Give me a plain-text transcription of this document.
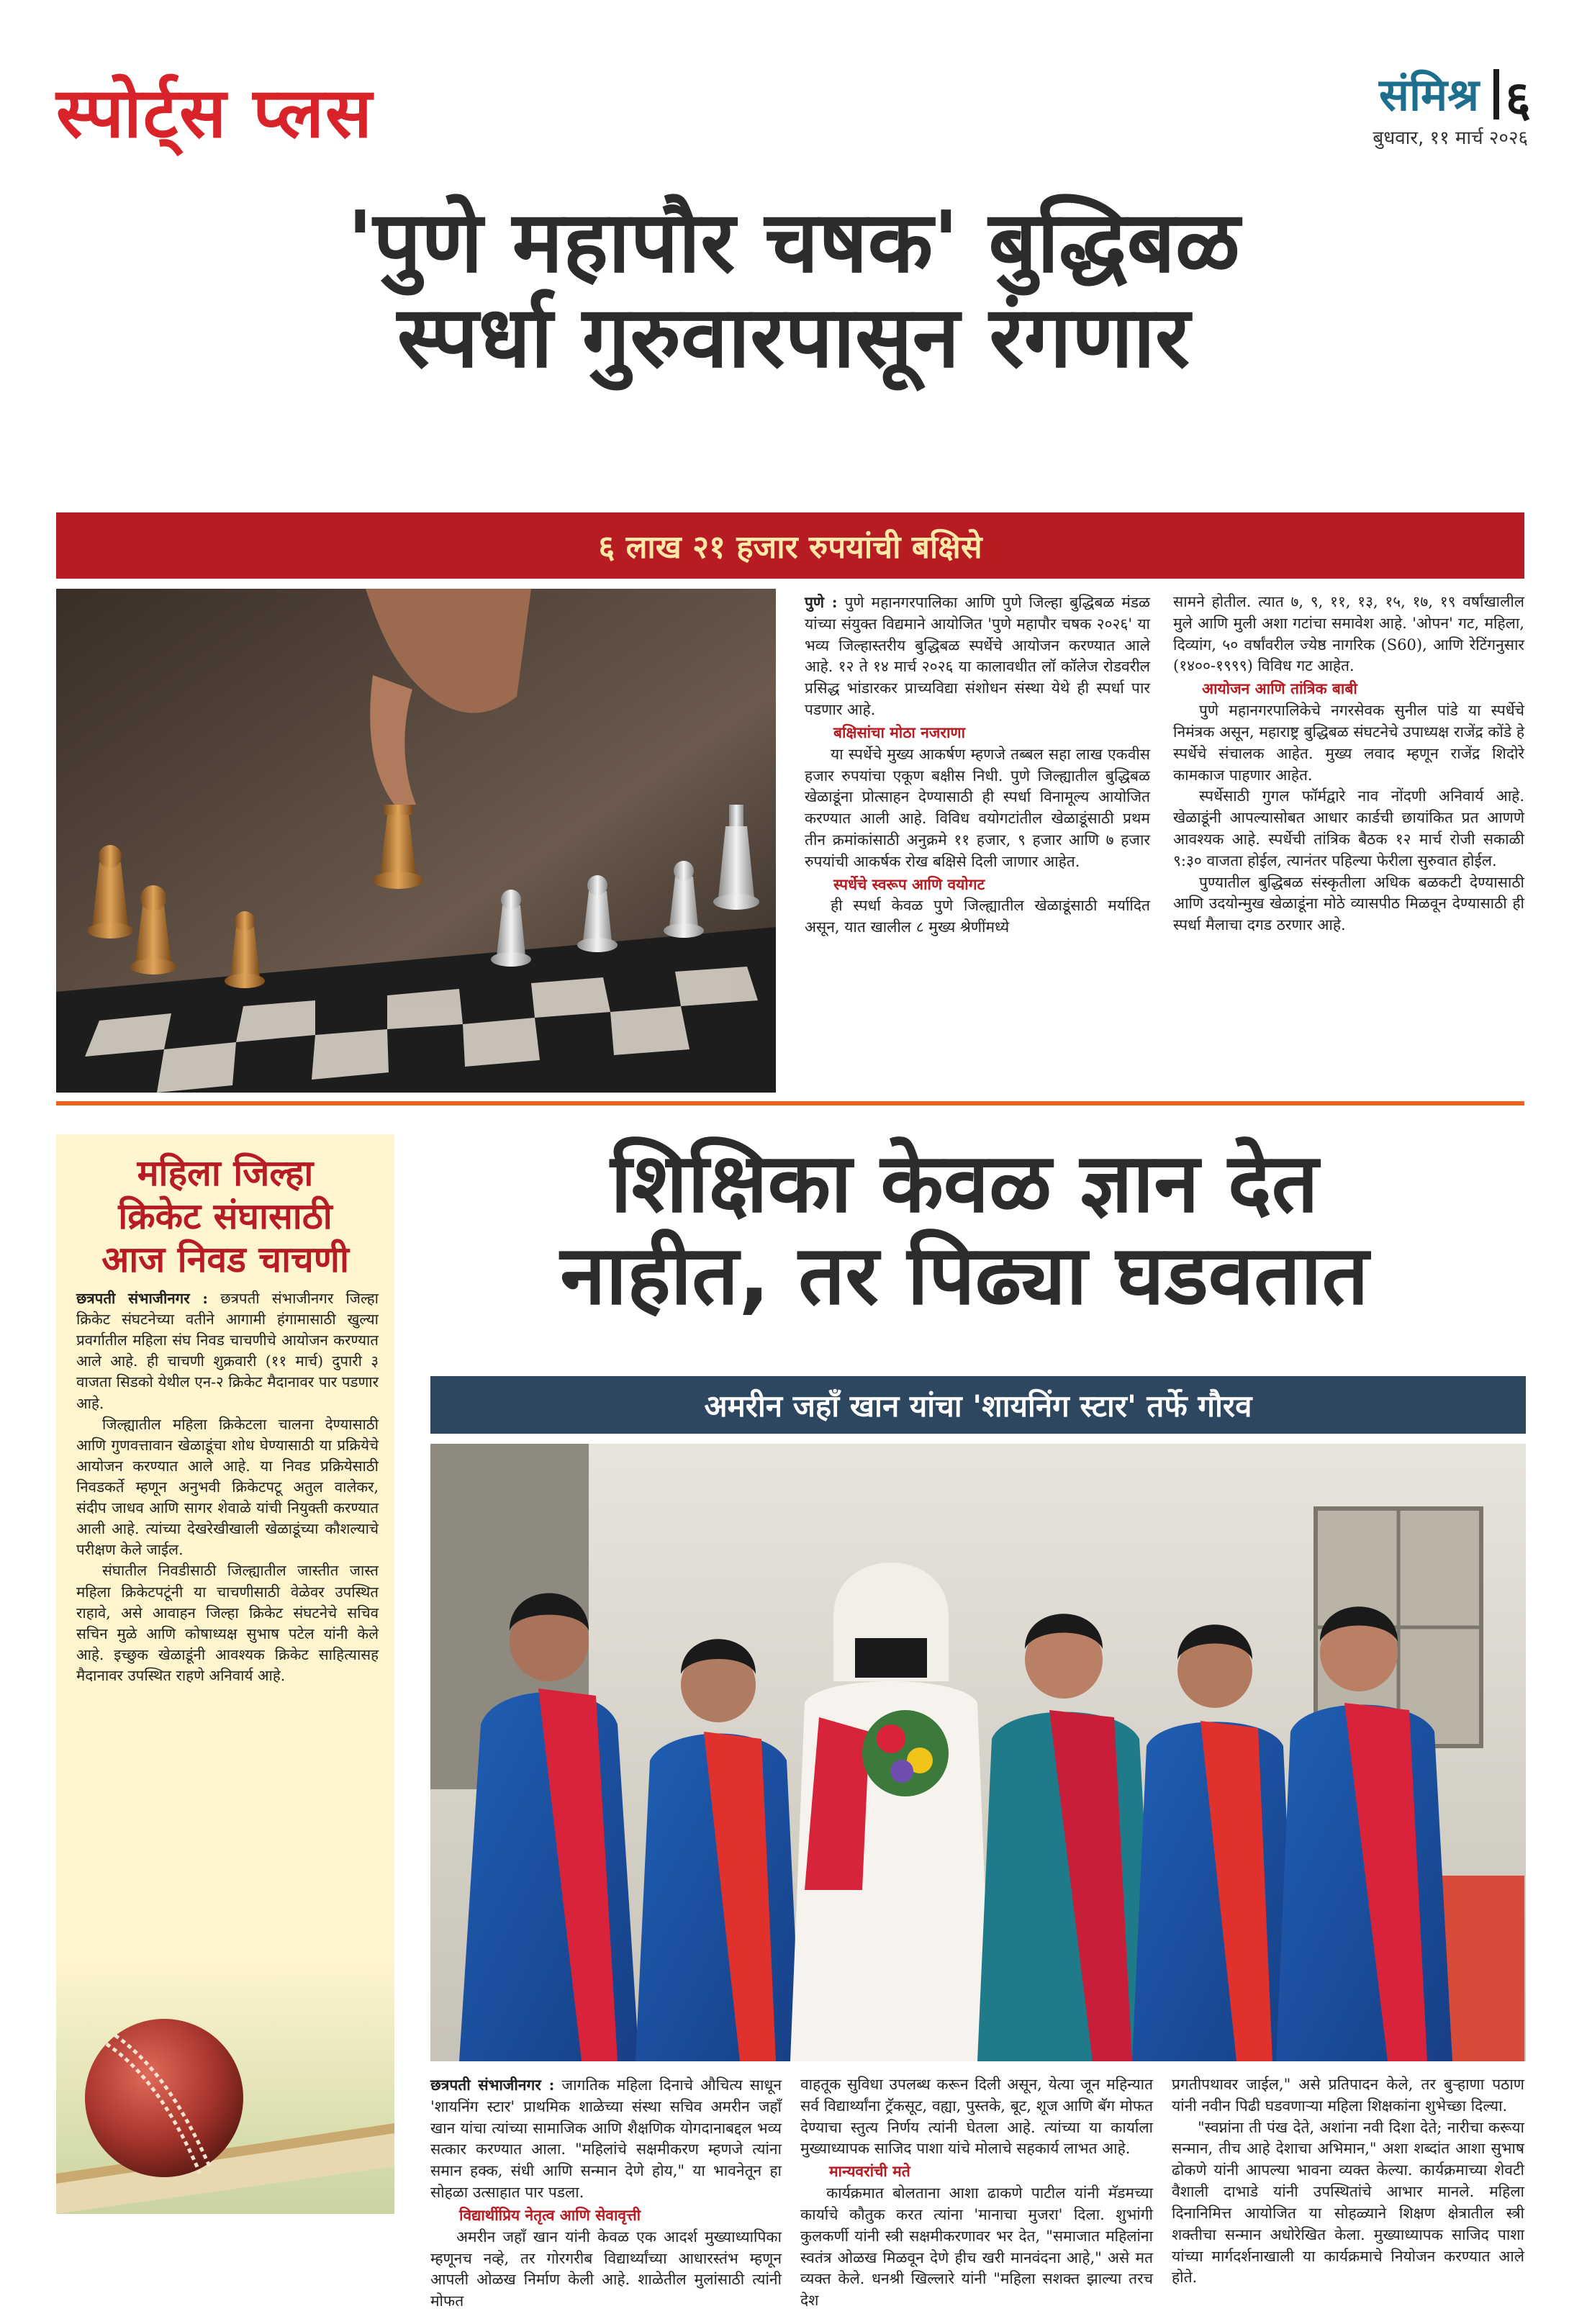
स्पोर्ट्स प्लस	संमिश्र ६
बुधवार, ११ मार्च २०२६
'पुणे महापौर चषक' बुद्धिबळ
स्पर्धा गुरुवारपासून रंगणार
६ लाख २१ हजार रुपयांची बक्षिसे

पुणे : पुणे महानगरपालिका आणि पुणे जिल्हा बुद्धिबळ मंडळ यांच्या संयुक्त विद्यमाने आयोजित 'पुणे महापौर चषक २०२६' या भव्य जिल्हास्तरीय बुद्धिबळ स्पर्धेचे आयोजन करण्यात आले आहे. १२ ते १४ मार्च २०२६ या कालावधीत लॉ कॉलेज रोडवरील प्रसिद्ध भांडारकर प्राच्यविद्या संशोधन संस्था येथे ही स्पर्धा पार पडणार आहे.

बक्षिसांचा मोठा नजराणा

या स्पर्धेचे मुख्य आकर्षण म्हणजे तब्बल सहा लाख एकवीस हजार रुपयांचा एकूण बक्षीस निधी. पुणे जिल्ह्यातील बुद्धिबळ खेळाडूंना प्रोत्साहन देण्यासाठी ही स्पर्धा विनामूल्य आयोजित करण्यात आली आहे. विविध वयोगटांतील खेळाडूंसाठी प्रथम तीन क्रमांकांसाठी अनुक्रमे ११ हजार, ९ हजार आणि ७ हजार रुपयांची आकर्षक रोख बक्षिसे दिली जाणार आहेत.

स्पर्धेचे स्वरूप आणि वयोगट

ही स्पर्धा केवळ पुणे जिल्ह्यातील खेळाडूंसाठी मर्यादित असून, यात खालील ८ मुख्य श्रेणींमध्ये

सामने होतील. त्यात ७, ९, ११, १३, १५, १७, १९ वर्षांखालील मुले आणि मुली अशा गटांचा समावेश आहे. 'ओपन' गट, महिला, दिव्यांग, ५० वर्षांवरील ज्येष्ठ नागरिक (S60), आणि रेटिंगनुसार (१४००-१९९९) विविध गट आहेत.

आयोजन आणि तांत्रिक बाबी

पुणे महानगरपालिकेचे नगरसेवक सुनील पांडे या स्पर्धेचे निमंत्रक असून, महाराष्ट्र बुद्धिबळ संघटनेचे उपाध्यक्ष राजेंद्र कोंडे हे स्पर्धेचे संचालक आहेत. मुख्य लवाद म्हणून राजेंद्र शिदोरे कामकाज पाहणार आहेत.

स्पर्धेसाठी गुगल फॉर्मद्वारे नाव नोंदणी अनिवार्य आहे. खेळाडूंनी आपल्यासोबत आधार कार्डची छायांकित प्रत आणणे आवश्यक आहे. स्पर्धेची तांत्रिक बैठक १२ मार्च रोजी सकाळी ९:३० वाजता होईल, त्यानंतर पहिल्या फेरीला सुरुवात होईल.

पुण्यातील बुद्धिबळ संस्कृतीला अधिक बळकटी देण्यासाठी आणि उदयोन्मुख खेळाडूंना मोठे व्यासपीठ मिळवून देण्यासाठी ही स्पर्धा मैलाचा दगड ठरणार आहे.

महिला जिल्हा
क्रिकेट संघासाठी
आज निवड चाचणी

छत्रपती संभाजीनगर : छत्रपती संभाजीनगर जिल्हा क्रिकेट संघटनेच्या वतीने आगामी हंगामासाठी खुल्या प्रवर्गातील महिला संघ निवड चाचणीचे आयोजन करण्यात आले आहे. ही चाचणी शुक्रवारी (११ मार्च) दुपारी ३ वाजता सिडको येथील एन-२ क्रिकेट मैदानावर पार पडणार आहे.

जिल्ह्यातील महिला क्रिकेटला चालना देण्यासाठी आणि गुणवत्तावान खेळाडूंचा शोध घेण्यासाठी या प्रक्रियेचे आयोजन करण्यात आले आहे. या निवड प्रक्रियेसाठी निवडकर्ते म्हणून अनुभवी क्रिकेटपटू अतुल वालेकर, संदीप जाधव आणि सागर शेवाळे यांची नियुक्ती करण्यात आली आहे. त्यांच्या देखरेखीखाली खेळाडूंच्या कौशल्याचे परीक्षण केले जाईल.

संघातील निवडीसाठी जिल्ह्यातील जास्तीत जास्त महिला क्रिकेटपटूंनी या चाचणीसाठी वेळेवर उपस्थित राहावे, असे आवाहन जिल्हा क्रिकेट संघटनेचे सचिव सचिन मुळे आणि कोषाध्यक्ष सुभाष पटेल यांनी केले आहे. इच्छुक खेळाडूंनी आवश्यक क्रिकेट साहित्यासह मैदानावर उपस्थित राहणे अनिवार्य आहे.

शिक्षिका केवळ ज्ञान देत
नाहीत, तर पिढ्या घडवतात
अमरीन जहाँ खान यांचा 'शायनिंग स्टार' तर्फे गौरव

छत्रपती संभाजीनगर : जागतिक महिला दिनाचे औचित्य साधून 'शायनिंग स्टार' प्राथमिक शाळेच्या संस्था सचिव अमरीन जहाँ खान यांचा त्यांच्या सामाजिक आणि शैक्षणिक योगदानाबद्दल भव्य सत्कार करण्यात आला. "महिलांचे सक्षमीकरण म्हणजे त्यांना समान हक्क, संधी आणि सन्मान देणे होय," या भावनेतून हा सोहळा उत्साहात पार पडला.

विद्यार्थीप्रिय नेतृत्व आणि सेवावृत्ती

अमरीन जहाँ खान यांनी केवळ एक आदर्श मुख्याध्यापिका म्हणूनच नव्हे, तर गोरगरीब विद्यार्थ्यांच्या आधारस्तंभ म्हणून आपली ओळख निर्माण केली आहे. शाळेतील मुलांसाठी त्यांनी मोफत

वाहतूक सुविधा उपलब्ध करून दिली असून, येत्या जून महिन्यात सर्व विद्यार्थ्यांना ट्रॅकसूट, वह्या, पुस्तके, बूट, शूज आणि बॅग मोफत देण्याचा स्तुत्य निर्णय त्यांनी घेतला आहे. त्यांच्या या कार्याला मुख्याध्यापक साजिद पाशा यांचे मोलाचे सहकार्य लाभत आहे.

मान्यवरांची मते

कार्यक्रमात बोलताना आशा ढाकणे पाटील यांनी मॅडमच्या कार्याचे कौतुक करत त्यांना 'मानाचा मुजरा' दिला. शुभांगी कुलकर्णी यांनी स्त्री सक्षमीकरणावर भर देत, "समाजात महिलांना स्वतंत्र ओळख मिळवून देणे हीच खरी मानवंदना आहे," असे मत व्यक्त केले. धनश्री खिल्लारे यांनी "महिला सशक्त झाल्या तरच देश

प्रगतीपथावर जाईल," असे प्रतिपादन केले, तर बुऱ्हाणा पठाण यांनी नवीन पिढी घडवणाऱ्या महिला शिक्षकांना शुभेच्छा दिल्या.

"स्वप्नांना ती पंख देते, अशांना नवी दिशा देते; नारीचा करूया सन्मान, तीच आहे देशाचा अभिमान," अशा शब्दांत आशा सुभाष ढोकणे यांनी आपल्या भावना व्यक्त केल्या. कार्यक्रमाच्या शेवटी वैशाली दाभाडे यांनी उपस्थितांचे आभार मानले. महिला दिनानिमित्त आयोजित या सोहळ्याने शिक्षण क्षेत्रातील स्त्री शक्तीचा सन्मान अधोरेखित केला. मुख्याध्यापक साजिद पाशा यांच्या मार्गदर्शनाखाली या कार्यक्रमाचे नियोजन करण्यात आले होते.
